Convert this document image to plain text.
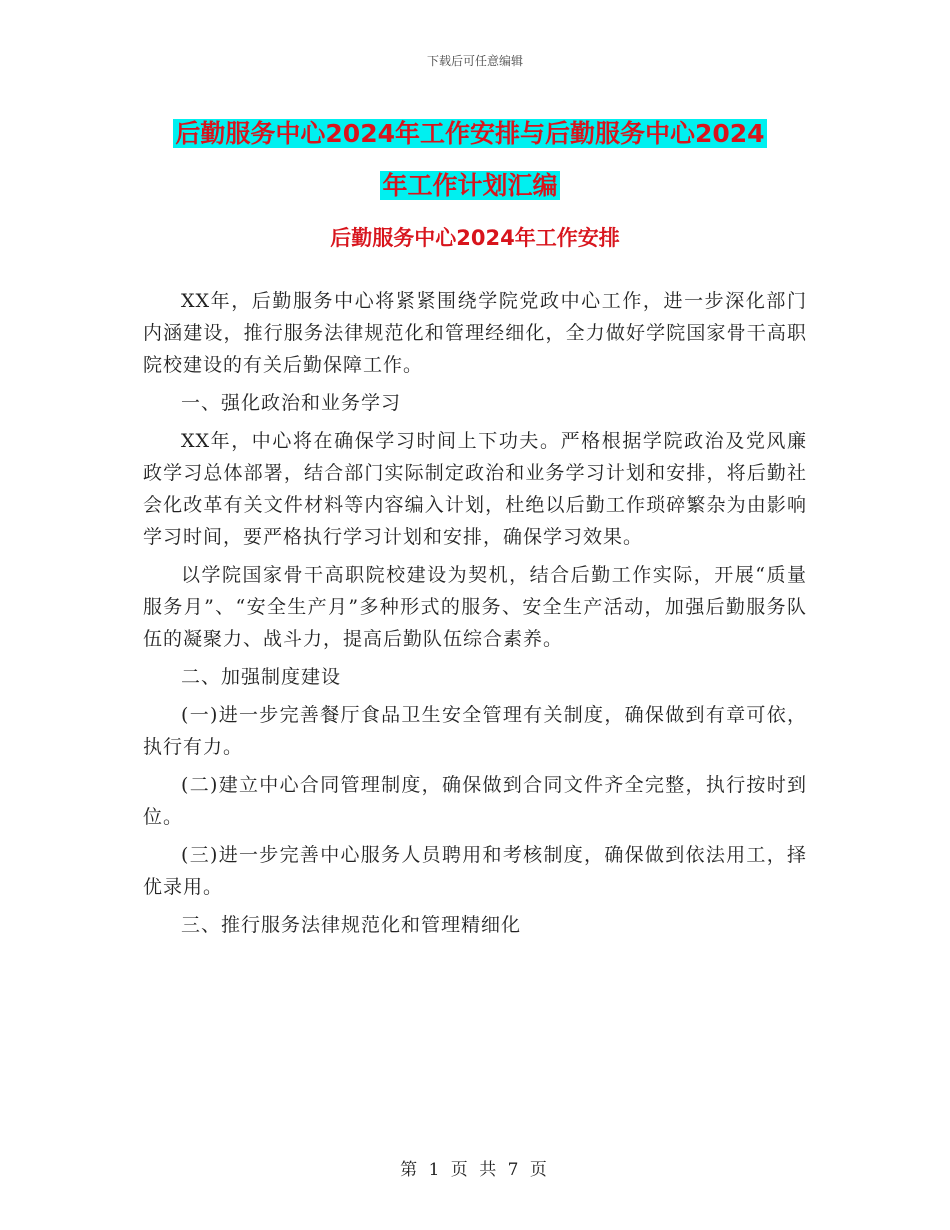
下载后可任意编辑
后勤服务中心2024年工作安排与后勤服务中心2024
年工作计划汇编
后勤服务中心2024年工作安排

XX年，后勤服务中心将紧紧围绕学院党政中心工作，进一步深化部门内涵建设，推行服务法律规范化和管理经细化，全力做好学院国家骨干高职院校建设的有关后勤保障工作。

一、强化政治和业务学习

XX年，中心将在确保学习时间上下功夫。严格根据学院政治及党风廉政学习总体部署，结合部门实际制定政治和业务学习计划和安排，将后勤社会化改革有关文件材料等内容编入计划，杜绝以后勤工作琐碎繁杂为由影响学习时间，要严格执行学习计划和安排，确保学习效果。

以学院国家骨干高职院校建设为契机，结合后勤工作实际，开展“质量服务月”、“安全生产月”多种形式的服务、安全生产活动，加强后勤服务队伍的凝聚力、战斗力，提高后勤队伍综合素养。

二、加强制度建设

(一)进一步完善餐厅食品卫生安全管理有关制度，确保做到有章可依，执行有力。

(二)建立中心合同管理制度，确保做到合同文件齐全完整，执行按时到位。

(三)进一步完善中心服务人员聘用和考核制度，确保做到依法用工，择优录用。

三、推行服务法律规范化和管理精细化

第 1 页 共 7 页
